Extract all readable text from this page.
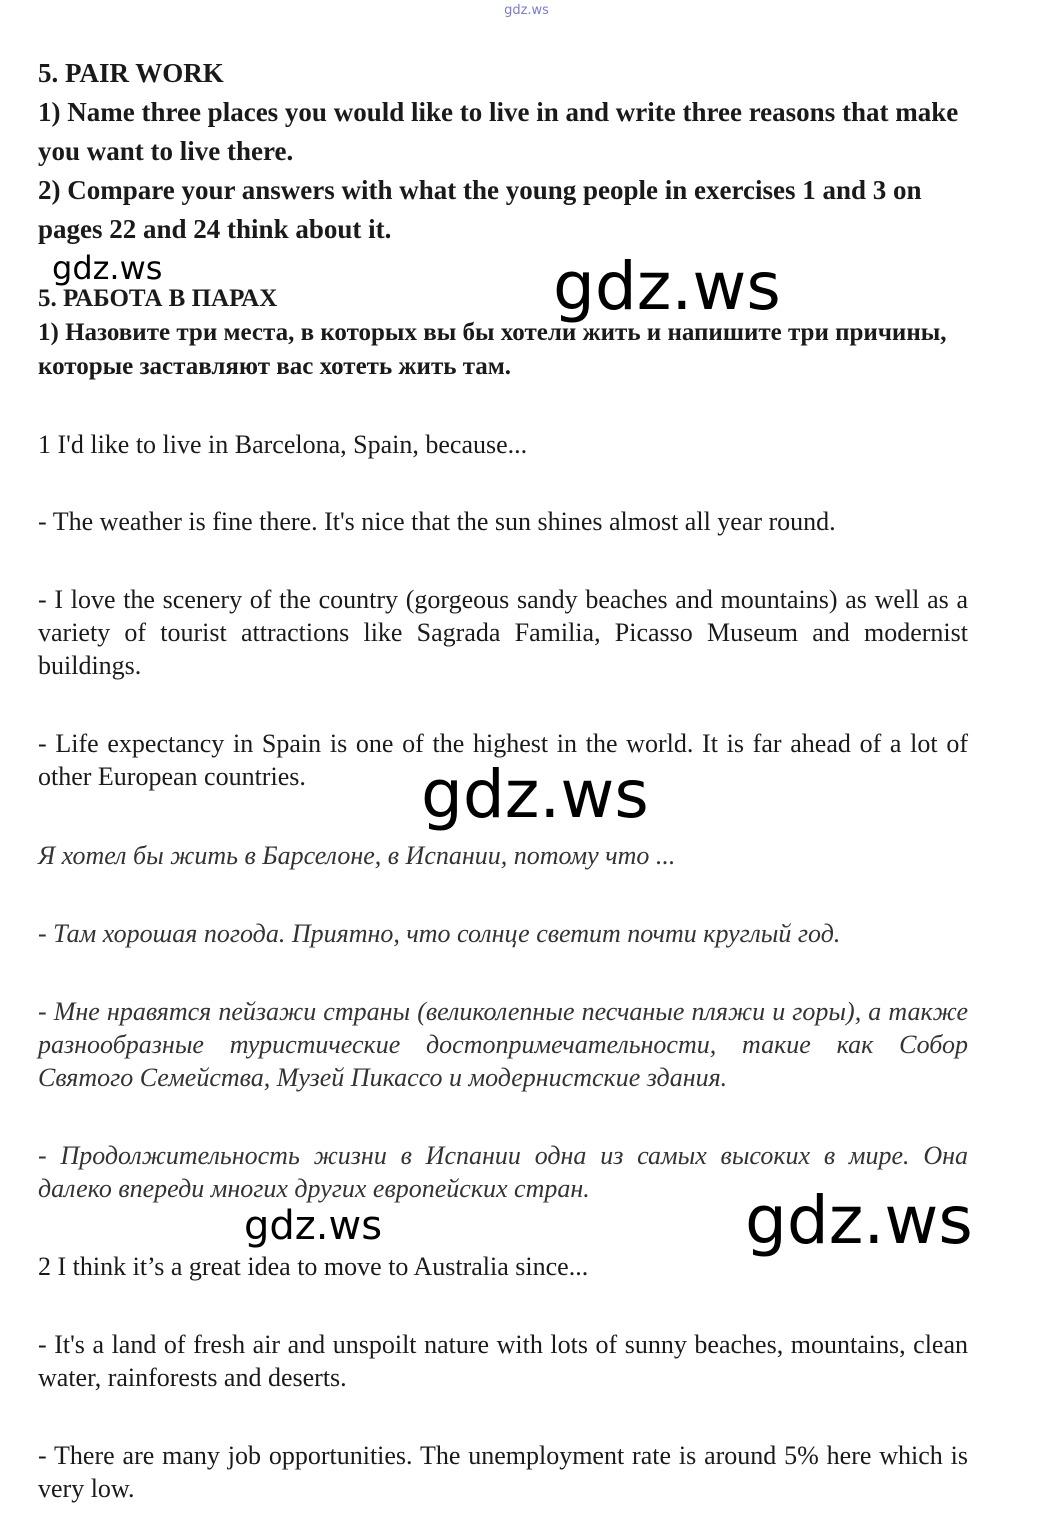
gdz.ws

5. PAIR WORK

1) Name three places you would like to live in and write three reasons that make you want to live there.

2) Compare your answers with what the young people in exercises 1 and 3 on pages 22 and 24 think about it.

gdz.ws	gdz.ws

5. РАБОТА В ПАРАХ

1) Назовите три места, в которых вы бы хотели жить и напишите три причины, которые заставляют вас хотеть жить там.

1 I'd like to live in Barcelona, Spain, because...

- The weather is fine there. It's nice that the sun shines almost all year round.

- I love the scenery of the country (gorgeous sandy beaches and mountains) as well as a variety of tourist attractions like Sagrada Familia, Picasso Museum and modernist buildings.

- Life expectancy in Spain is one of the highest in the world. It is far ahead of a lot of other European countries.	gdz.ws

Я хотел бы жить в Барселоне, в Испании, потому что ...

- Там хорошая погода. Приятно, что солнце светит почти круглый год.

- Мне нравятся пейзажи страны (великолепные песчаные пляжи и горы), а также разнообразные туристические достопримечательности, такие как Собор Святого Семейства, Музей Пикассо и модернистские здания.

- Продолжительность жизни в Испании одна из самых высоких в мире. Она далеко впереди многих других европейских стран.

gdz.ws	gdz.ws

2 I think it’s a great idea to move to Australia since...

- It's a land of fresh air and unspoilt nature with lots of sunny beaches, mountains, clean water, rainforests and deserts.

- There are many job opportunities. The unemployment rate is around 5% here which is very low.
